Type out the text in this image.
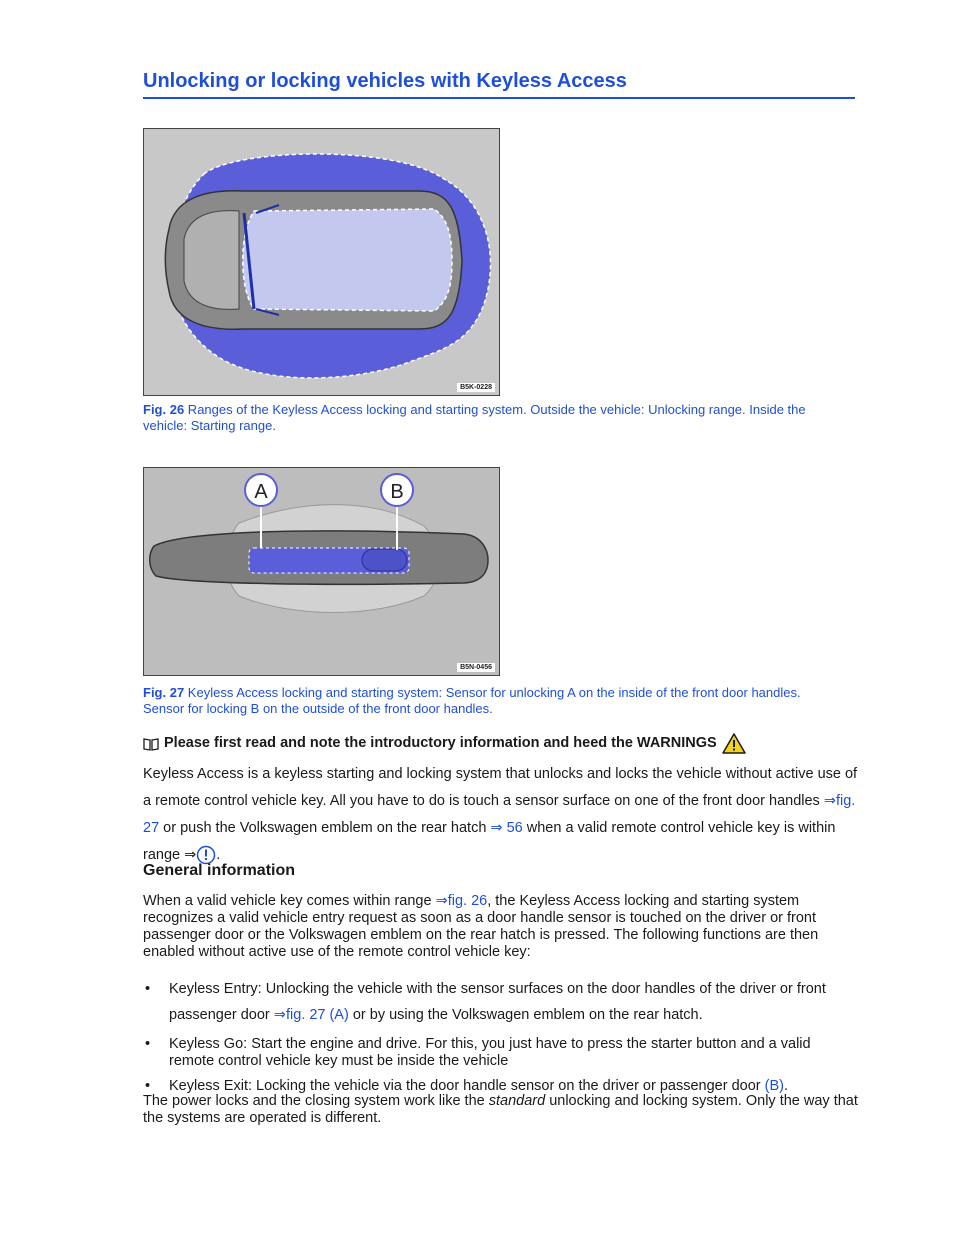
Unlocking or locking vehicles with Keyless Access
B5K-0228
Fig. 26 Ranges of the Keyless Access locking and starting system. Outside the vehicle: Unlocking range. Inside the vehicle: Starting range.
A	B
B5N-0456
Fig. 27 Keyless Access locking and starting system: Sensor for unlocking A on the inside of the front door handles. Sensor for locking B on the outside of the front door handles.
Please first read and note the introductory information and heed the WARNINGS
Keyless Access is a keyless starting and locking system that unlocks and locks the vehicle without active use of a remote control vehicle key. All you have to do is touch a sensor surface on one of the front door handles ⇒fig. 27 or push the Volkswagen emblem on the rear hatch ⇒ 56 when a valid remote control vehicle key is within range ⇒ .
General information
When a valid vehicle key comes within range ⇒fig. 26, the Keyless Access locking and starting system recognizes a valid vehicle entry request as soon as a door handle sensor is touched on the driver or front passenger door or the Volkswagen emblem on the rear hatch is pressed. The following functions are then enabled without active use of the remote control vehicle key:
•	Keyless Entry: Unlocking the vehicle with the sensor surfaces on the door handles of the driver or front passenger door ⇒fig. 27 (A) or by using the Volkswagen emblem on the rear hatch.
•	Keyless Go: Start the engine and drive. For this, you just have to press the starter button and a valid remote control vehicle key must be inside the vehicle
•	Keyless Exit: Locking the vehicle via the door handle sensor on the driver or passenger door (B).
The power locks and the closing system work like the standard unlocking and locking system. Only the way that the systems are operated is different.
